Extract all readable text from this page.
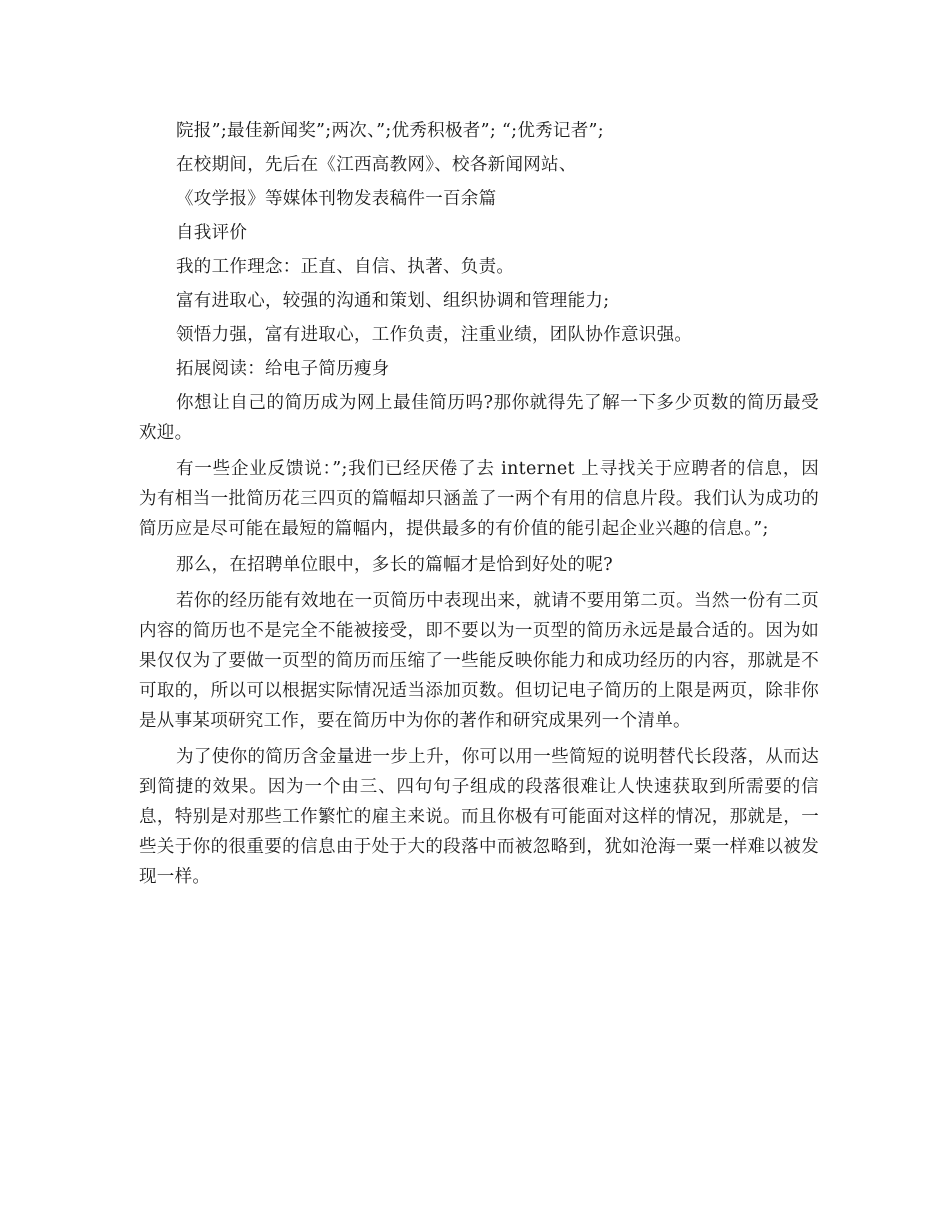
院报”;最佳新闻奖”;两次、”;优秀积极者”; “;优秀记者”;
在校期间，先后在《江西高教网》、校各新闻网站、
《攻学报》等媒体刊物发表稿件一百余篇
自我评价
我的工作理念：正直、自信、执著、负责。
富有进取心，较强的沟通和策划、组织协调和管理能力;
领悟力强，富有进取心，工作负责，注重业绩，团队协作意识强。
拓展阅读：给电子简历瘦身

你想让自己的简历成为网上最佳简历吗?那你就得先了解一下多少页数的简历最受欢迎。

有一些企业反馈说：”;我们已经厌倦了去 internet 上寻找关于应聘者的信息，因为有相当一批简历花三四页的篇幅却只涵盖了一两个有用的信息片段。我们认为成功的简历应是尽可能在最短的篇幅内，提供最多的有价值的能引起企业兴趣的信息。”;

那么，在招聘单位眼中，多长的篇幅才是恰到好处的呢?

若你的经历能有效地在一页简历中表现出来，就请不要用第二页。当然一份有二页内容的简历也不是完全不能被接受，即不要以为一页型的简历永远是最合适的。因为如果仅仅为了要做一页型的简历而压缩了一些能反映你能力和成功经历的内容，那就是不可取的，所以可以根据实际情况适当添加页数。但切记电子简历的上限是两页，除非你是从事某项研究工作，要在简历中为你的著作和研究成果列一个清单。

为了使你的简历含金量进一步上升，你可以用一些简短的说明替代长段落，从而达到简捷的效果。因为一个由三、四句句子组成的段落很难让人快速获取到所需要的信息，特别是对那些工作繁忙的雇主来说。而且你极有可能面对这样的情况，那就是，一些关于你的很重要的信息由于处于大的段落中而被忽略到，犹如沧海一粟一样难以被发现一样。
